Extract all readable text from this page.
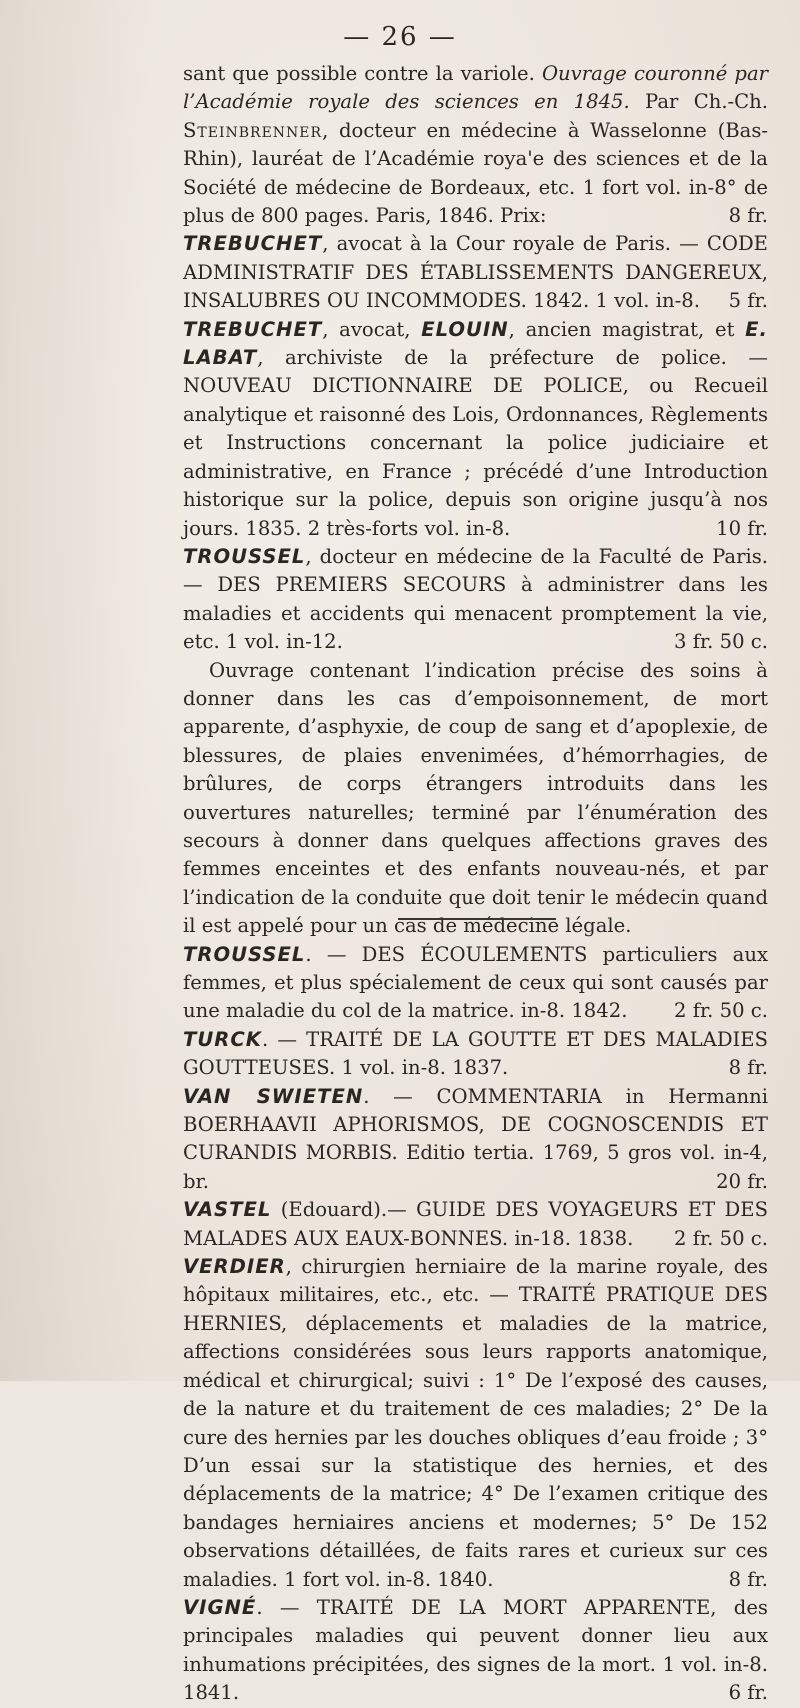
— 26 —

sant que possible contre la variole. Ouvrage couronné par l’Académie royale des sciences en 1845. Par Ch.-Ch. Steinbrenner, docteur en médecine à Wasselonne (Bas-Rhin), lauréat de l’Académie roya'e des sciences et de la Société de médecine de Bordeaux, etc. 1 fort vol. in-8° de plus de 800 pages. Paris, 1846. Prix:	8 fr.

TREBUCHET, avocat à la Cour royale de Paris. — CODE ADMINISTRATIF DES ÉTABLISSEMENTS DANGEREUX, INSALUBRES OU INCOMMODES. 1842. 1 vol. in-8.	5 fr.

TREBUCHET, avocat, ELOUIN, ancien magistrat, et E. LABAT, archiviste de la préfecture de police. — NOUVEAU DICTIONNAIRE DE POLICE, ou Recueil analytique et raisonné des Lois, Ordonnances, Règlements et Instructions concernant la police judiciaire et administrative, en France ; précédé d’une Introduction historique sur la police, depuis son origine jusqu’à nos jours. 1835. 2 très-forts vol. in-8.	10 fr.

TROUSSEL, docteur en médecine de la Faculté de Paris. — DES PREMIERS SECOURS à administrer dans les maladies et accidents qui menacent promptement la vie, etc. 1 vol. in-12.	3 fr. 50 c.

Ouvrage contenant l’indication précise des soins à donner dans les cas d’empoisonnement, de mort apparente, d’asphyxie, de coup de sang et d’apoplexie, de blessures, de plaies envenimées, d’hémorrhagies, de brûlures, de corps étrangers introduits dans les ouvertures naturelles; terminé par l’énumération des secours à donner dans quelques affections graves des femmes enceintes et des enfants nouveau-nés, et par l’indication de la conduite que doit tenir le médecin quand il est appelé pour un cas de médecine légale.

TROUSSEL. — DES ÉCOULEMENTS particuliers aux femmes, et plus spécialement de ceux qui sont causés par une maladie du col de la matrice. in-8. 1842.	2 fr. 50 c.

TURCK. — TRAITÉ DE LA GOUTTE ET DES MALADIES GOUTTEUSES. 1 vol. in-8. 1837.	8 fr.

VAN SWIETEN. — COMMENTARIA in Hermanni BOERHAAVII APHORISMOS, DE COGNOSCENDIS ET CURANDIS MORBIS. Editio tertia. 1769, 5 gros vol. in-4, br.	20 fr.

VASTEL (Edouard).— GUIDE DES VOYAGEURS ET DES MALADES AUX EAUX-BONNES. in-18. 1838.	2 fr. 50 c.

VERDIER, chirurgien herniaire de la marine royale, des hôpitaux militaires, etc., etc. — TRAITÉ PRATIQUE DES HERNIES, déplacements et maladies de la matrice, affections considérées sous leurs rapports anatomique, médical et chirurgical; suivi : 1° De l’exposé des causes, de la nature et du traitement de ces maladies; 2° De la cure des hernies par les douches obliques d’eau froide ; 3° D’un essai sur la statistique des hernies, et des déplacements de la matrice; 4° De l’examen critique des bandages herniaires anciens et modernes; 5° De 152 observations détaillées, de faits rares et curieux sur ces maladies. 1 fort vol. in-8. 1840.	8 fr.

VIGNÉ. — TRAITÉ DE LA MORT APPARENTE, des principales maladies qui peuvent donner lieu aux inhumations précipitées, des signes de la mort. 1 vol. in-8. 1841.	6 fr.
